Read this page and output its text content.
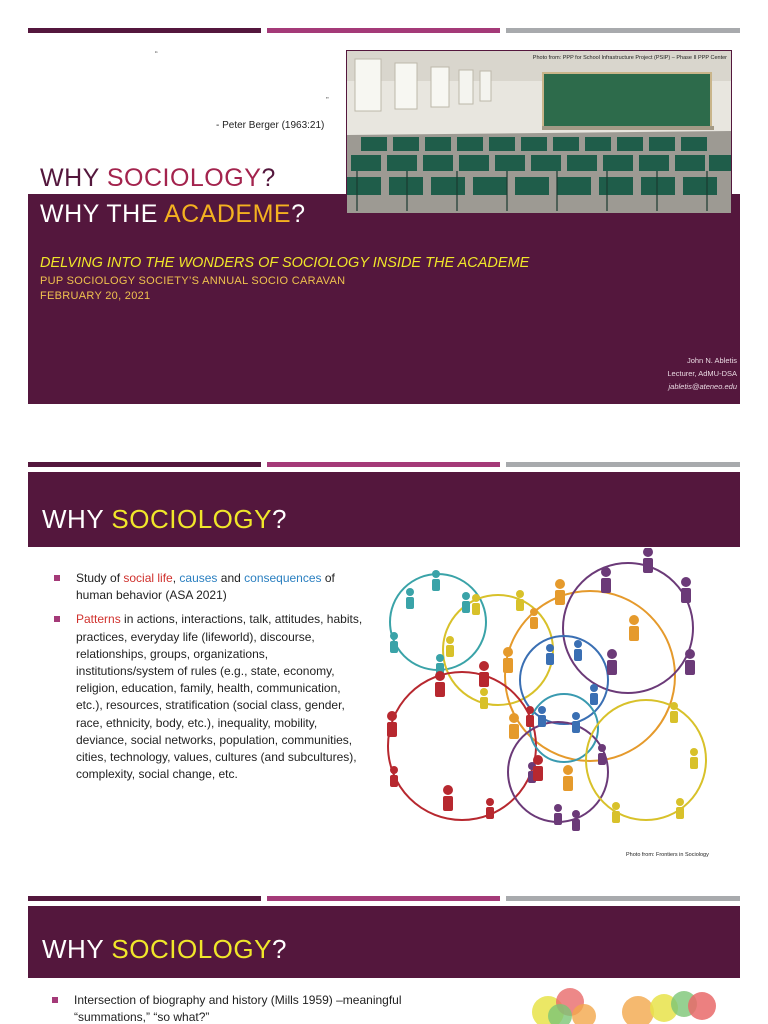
“
”
- Peter Berger (1963:21)
WHY SOCIOLOGY?
WHY THE ACADEME?
DELVING INTO THE WONDERS OF SOCIOLOGY INSIDE THE ACADEME
PUP SOCIOLOGY SOCIETY’S ANNUAL SOCIO CARAVAN
FEBRUARY 20, 2021
John N. Abletis
Lecturer, AdMU-DSA
jabletis@ateneo.edu
Photo from: PPP for School Infrastructure Project (PSIP) – Phase II PPP Center
WHY SOCIOLOGY?
Study of social life, causes and consequences of human behavior (ASA 2021)
Patterns in actions, interactions, talk, attitudes, habits, practices, everyday life (lifeworld), discourse, relationships, groups, organizations, institutions/system of rules (e.g., state, economy, religion, education, family, health, communication, etc.), resources, stratification (social class, gender, race, ethnicity, body, etc.), inequality, mobility, deviance, social networks, population, communities, cities, technology, values, cultures (and subcultures), complexity, social change, etc.
Photo from: Frontiers in Sociology
WHY SOCIOLOGY?
Intersection of biography and history (Mills 1959) –meaningful “summations,” “so what?”
